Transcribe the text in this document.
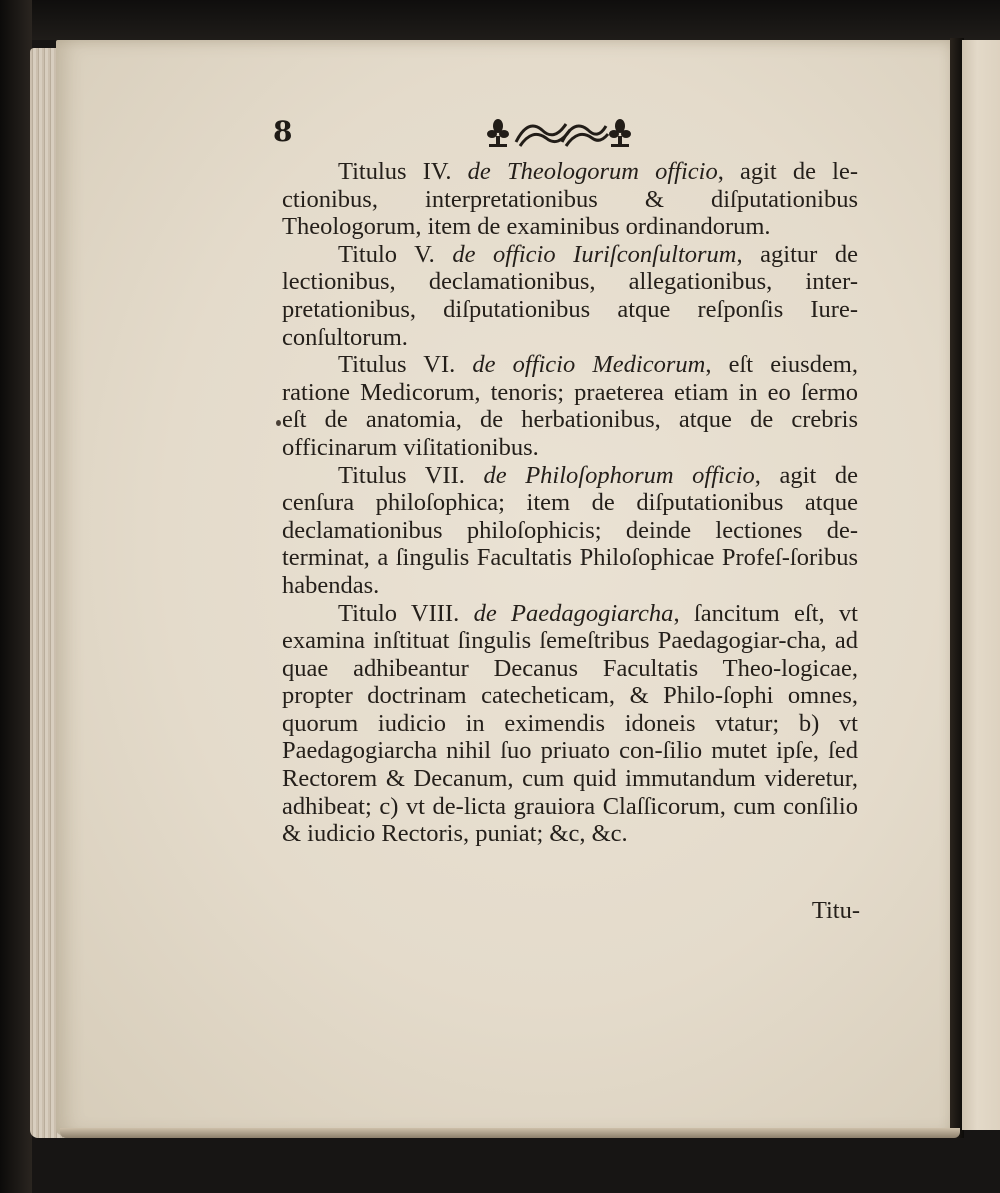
8

Titulus IV. de Theologorum officio, agit de le-ctionibus, interpretationibus & diſputationibus Theologorum, item de examinibus ordinandorum.

Titulo V. de officio Iuriſconſultorum, agitur de lectionibus, declamationibus, allegationibus, inter-pretationibus, diſputationibus atque reſponſis Iure-conſultorum.

Titulus VI. de officio Medicorum, eſt eiusdem, ratione Medicorum, tenoris; praeterea etiam in eo ſermo eſt de anatomia, de herbationibus, atque de crebris officinarum viſitationibus.

Titulus VII. de Philoſophorum officio, agit de cenſura philoſophica; item de diſputationibus atque declamationibus philoſophicis; deinde lectiones de-terminat, a ſingulis Facultatis Philoſophicae Profeſ-ſoribus habendas.

Titulo VIII. de Paedagogiarcha, ſancitum eſt, vt examina inſtituat ſingulis ſemeſtribus Paedagogiar-cha, ad quae adhibeantur Decanus Facultatis Theo-logicae, propter doctrinam catecheticam, & Philo-ſophi omnes, quorum iudicio in eximendis idoneis vtatur; b) vt Paedagogiarcha nihil ſuo priuato con-ſilio mutet ipſe, ſed Rectorem & Decanum, cum quid immutandum videretur, adhibeat; c) vt de-licta grauiora Claſſicorum, cum conſilio & iudicio Rectoris, puniat; &c, &c.

Titu-
